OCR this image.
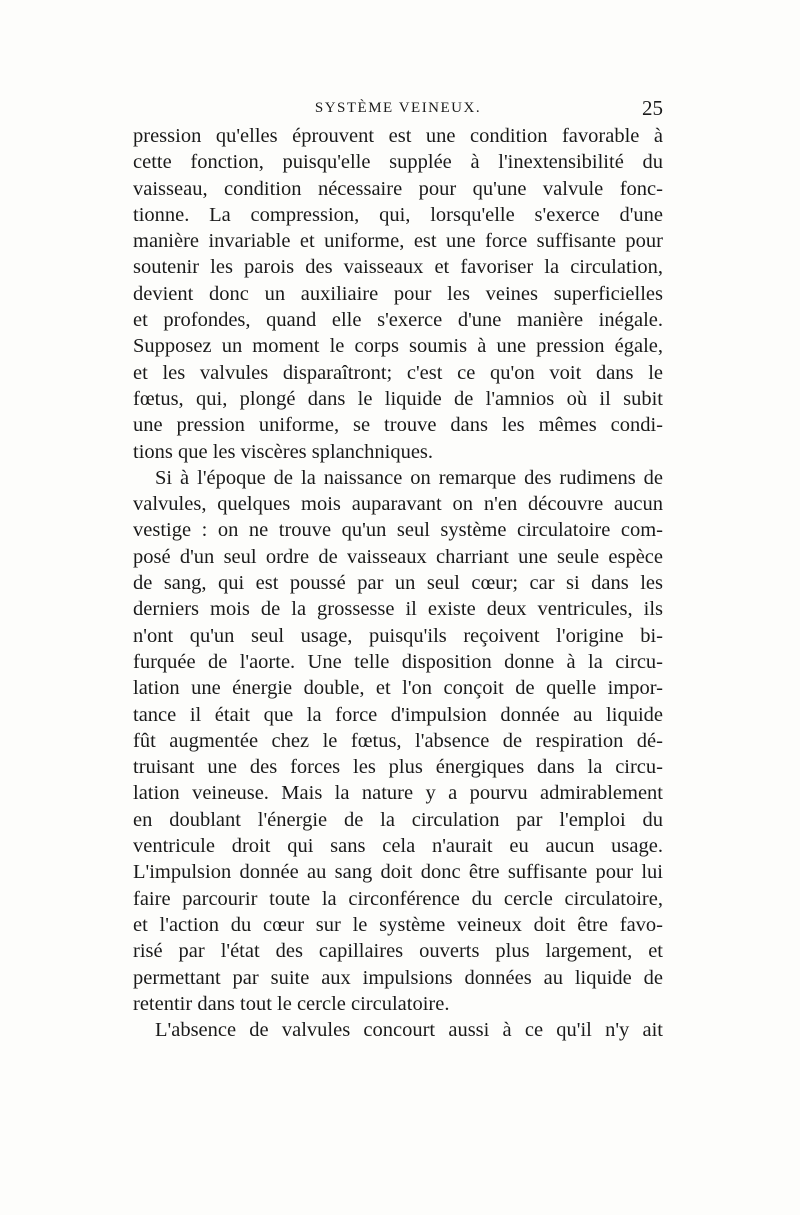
SYSTÈME VEINEUX.	25
pression qu'elles éprouvent est une condition favorable à
cette fonction, puisqu'elle supplée à l'inextensibilité du
vaisseau, condition nécessaire pour qu'une valvule fonc-
tionne. La compression, qui, lorsqu'elle s'exerce d'une
manière invariable et uniforme, est une force suffisante pour
soutenir les parois des vaisseaux et favoriser la circulation,
devient donc un auxiliaire pour les veines superficielles
et profondes, quand elle s'exerce d'une manière inégale.
Supposez un moment le corps soumis à une pression égale,
et les valvules disparaîtront; c'est ce qu'on voit dans le
fœtus, qui, plongé dans le liquide de l'amnios où il subit
une pression uniforme, se trouve dans les mêmes condi-
tions que les viscères splanchniques.
Si à l'époque de la naissance on remarque des rudimens de
valvules, quelques mois auparavant on n'en découvre aucun
vestige : on ne trouve qu'un seul système circulatoire com-
posé d'un seul ordre de vaisseaux charriant une seule espèce
de sang, qui est poussé par un seul cœur; car si dans les
derniers mois de la grossesse il existe deux ventricules, ils
n'ont qu'un seul usage, puisqu'ils reçoivent l'origine bi-
furquée de l'aorte. Une telle disposition donne à la circu-
lation une énergie double, et l'on conçoit de quelle impor-
tance il était que la force d'impulsion donnée au liquide
fût augmentée chez le fœtus, l'absence de respiration dé-
truisant une des forces les plus énergiques dans la circu-
lation veineuse. Mais la nature y a pourvu admirablement
en doublant l'énergie de la circulation par l'emploi du
ventricule droit qui sans cela n'aurait eu aucun usage.
L'impulsion donnée au sang doit donc être suffisante pour lui
faire parcourir toute la circonférence du cercle circulatoire,
et l'action du cœur sur le système veineux doit être favo-
risé par l'état des capillaires ouverts plus largement, et
permettant par suite aux impulsions données au liquide de
retentir dans tout le cercle circulatoire.
L'absence de valvules concourt aussi à ce qu'il n'y ait
